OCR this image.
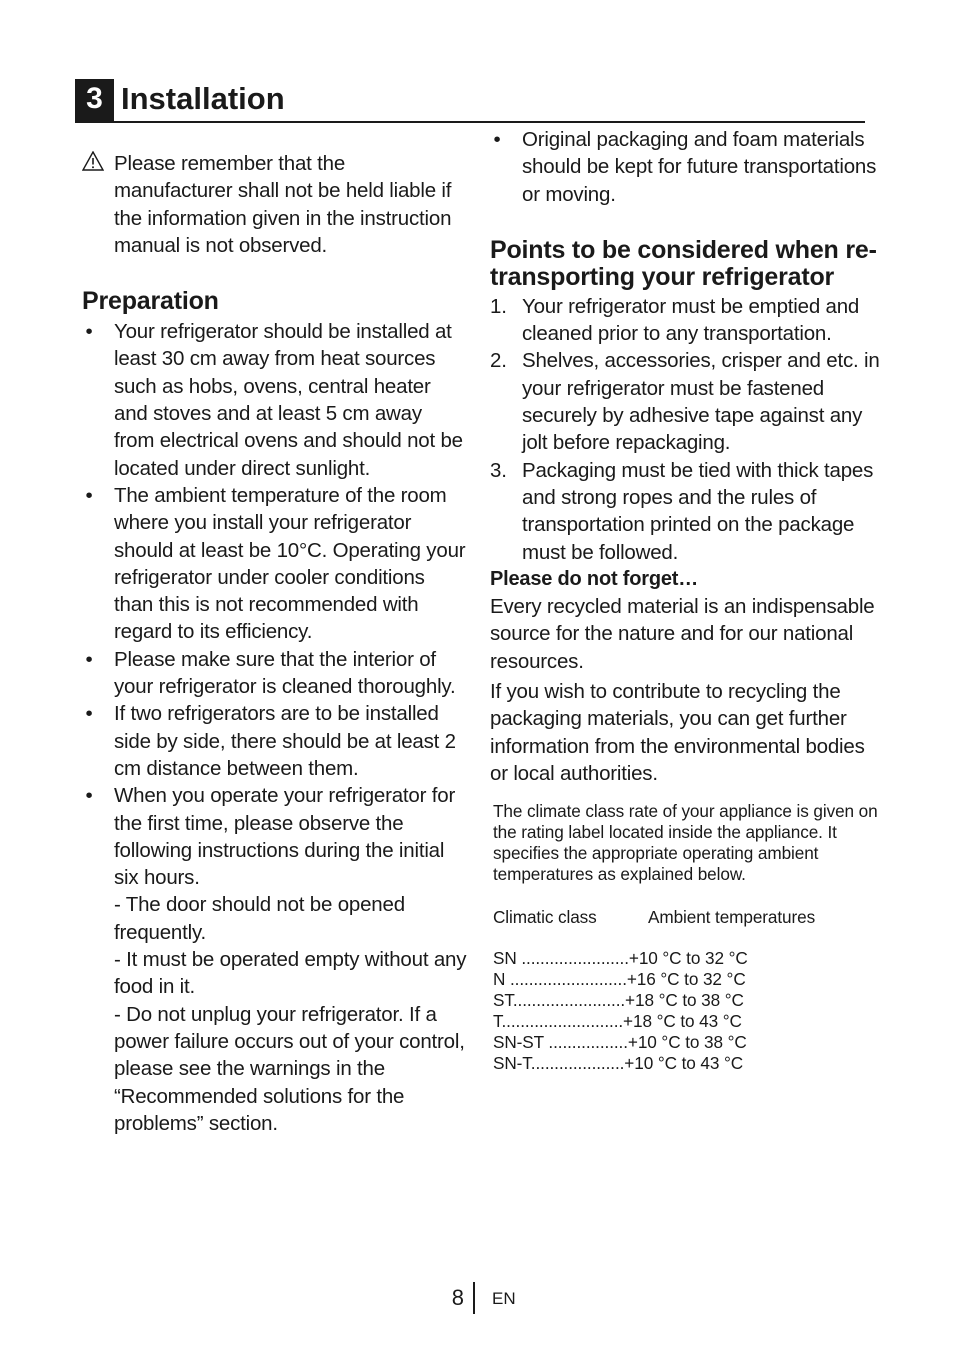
3 Installation
Please remember that the manufacturer shall not be held liable if the information given in the instruction manual is not observed.
Preparation
• Your refrigerator should be installed at least 30 cm away from heat sources such as hobs, ovens, central heater and stoves and at least 5 cm away from electrical ovens and should not be located under direct sunlight.
• The ambient temperature of the room where you install your refrigerator should at least be 10°C. Operating your refrigerator under cooler conditions than this is not recommended with regard to its efficiency.
• Please make sure that the interior of your refrigerator is cleaned thoroughly.
• If two refrigerators are to be installed side by side, there should be at least 2 cm distance between them.
• When you operate your refrigerator for the first time, please observe the following instructions during the initial six hours.
- The door should not be opened frequently.
- It must be operated empty without any food in it.
- Do not unplug your refrigerator. If a power failure occurs out of your control, please see the warnings in the “Recommended solutions for the problems” section.
• Original packaging and foam materials should be kept for future transportations or moving.
Points to be considered when re-transporting your refrigerator
1. Your refrigerator must be emptied and cleaned prior to any transportation.
2. Shelves, accessories, crisper and etc. in your refrigerator must be fastened securely by adhesive tape against any jolt before repackaging.
3. Packaging must be tied with thick tapes and strong ropes and the rules of transportation printed on the package must be followed.
Please do not forget…
Every recycled material is an indispensable source for the nature and for our national resources.
If you wish to contribute to recycling the packaging materials, you can get further information from the environmental bodies or local authorities.
The climate class rate of your appliance is given on the rating label located inside the appliance. It specifies the appropriate operating ambient temperatures as explained below.
Climatic class	Ambient temperatures
SN .......................+10 °C to 32 °C
N .........................+16 °C to 32 °C
ST........................+18 °C to 38 °C
T..........................+18 °C to 43 °C
SN-ST .................+10 °C to 38 °C
SN-T....................+10 °C to 43 °C
8 EN
